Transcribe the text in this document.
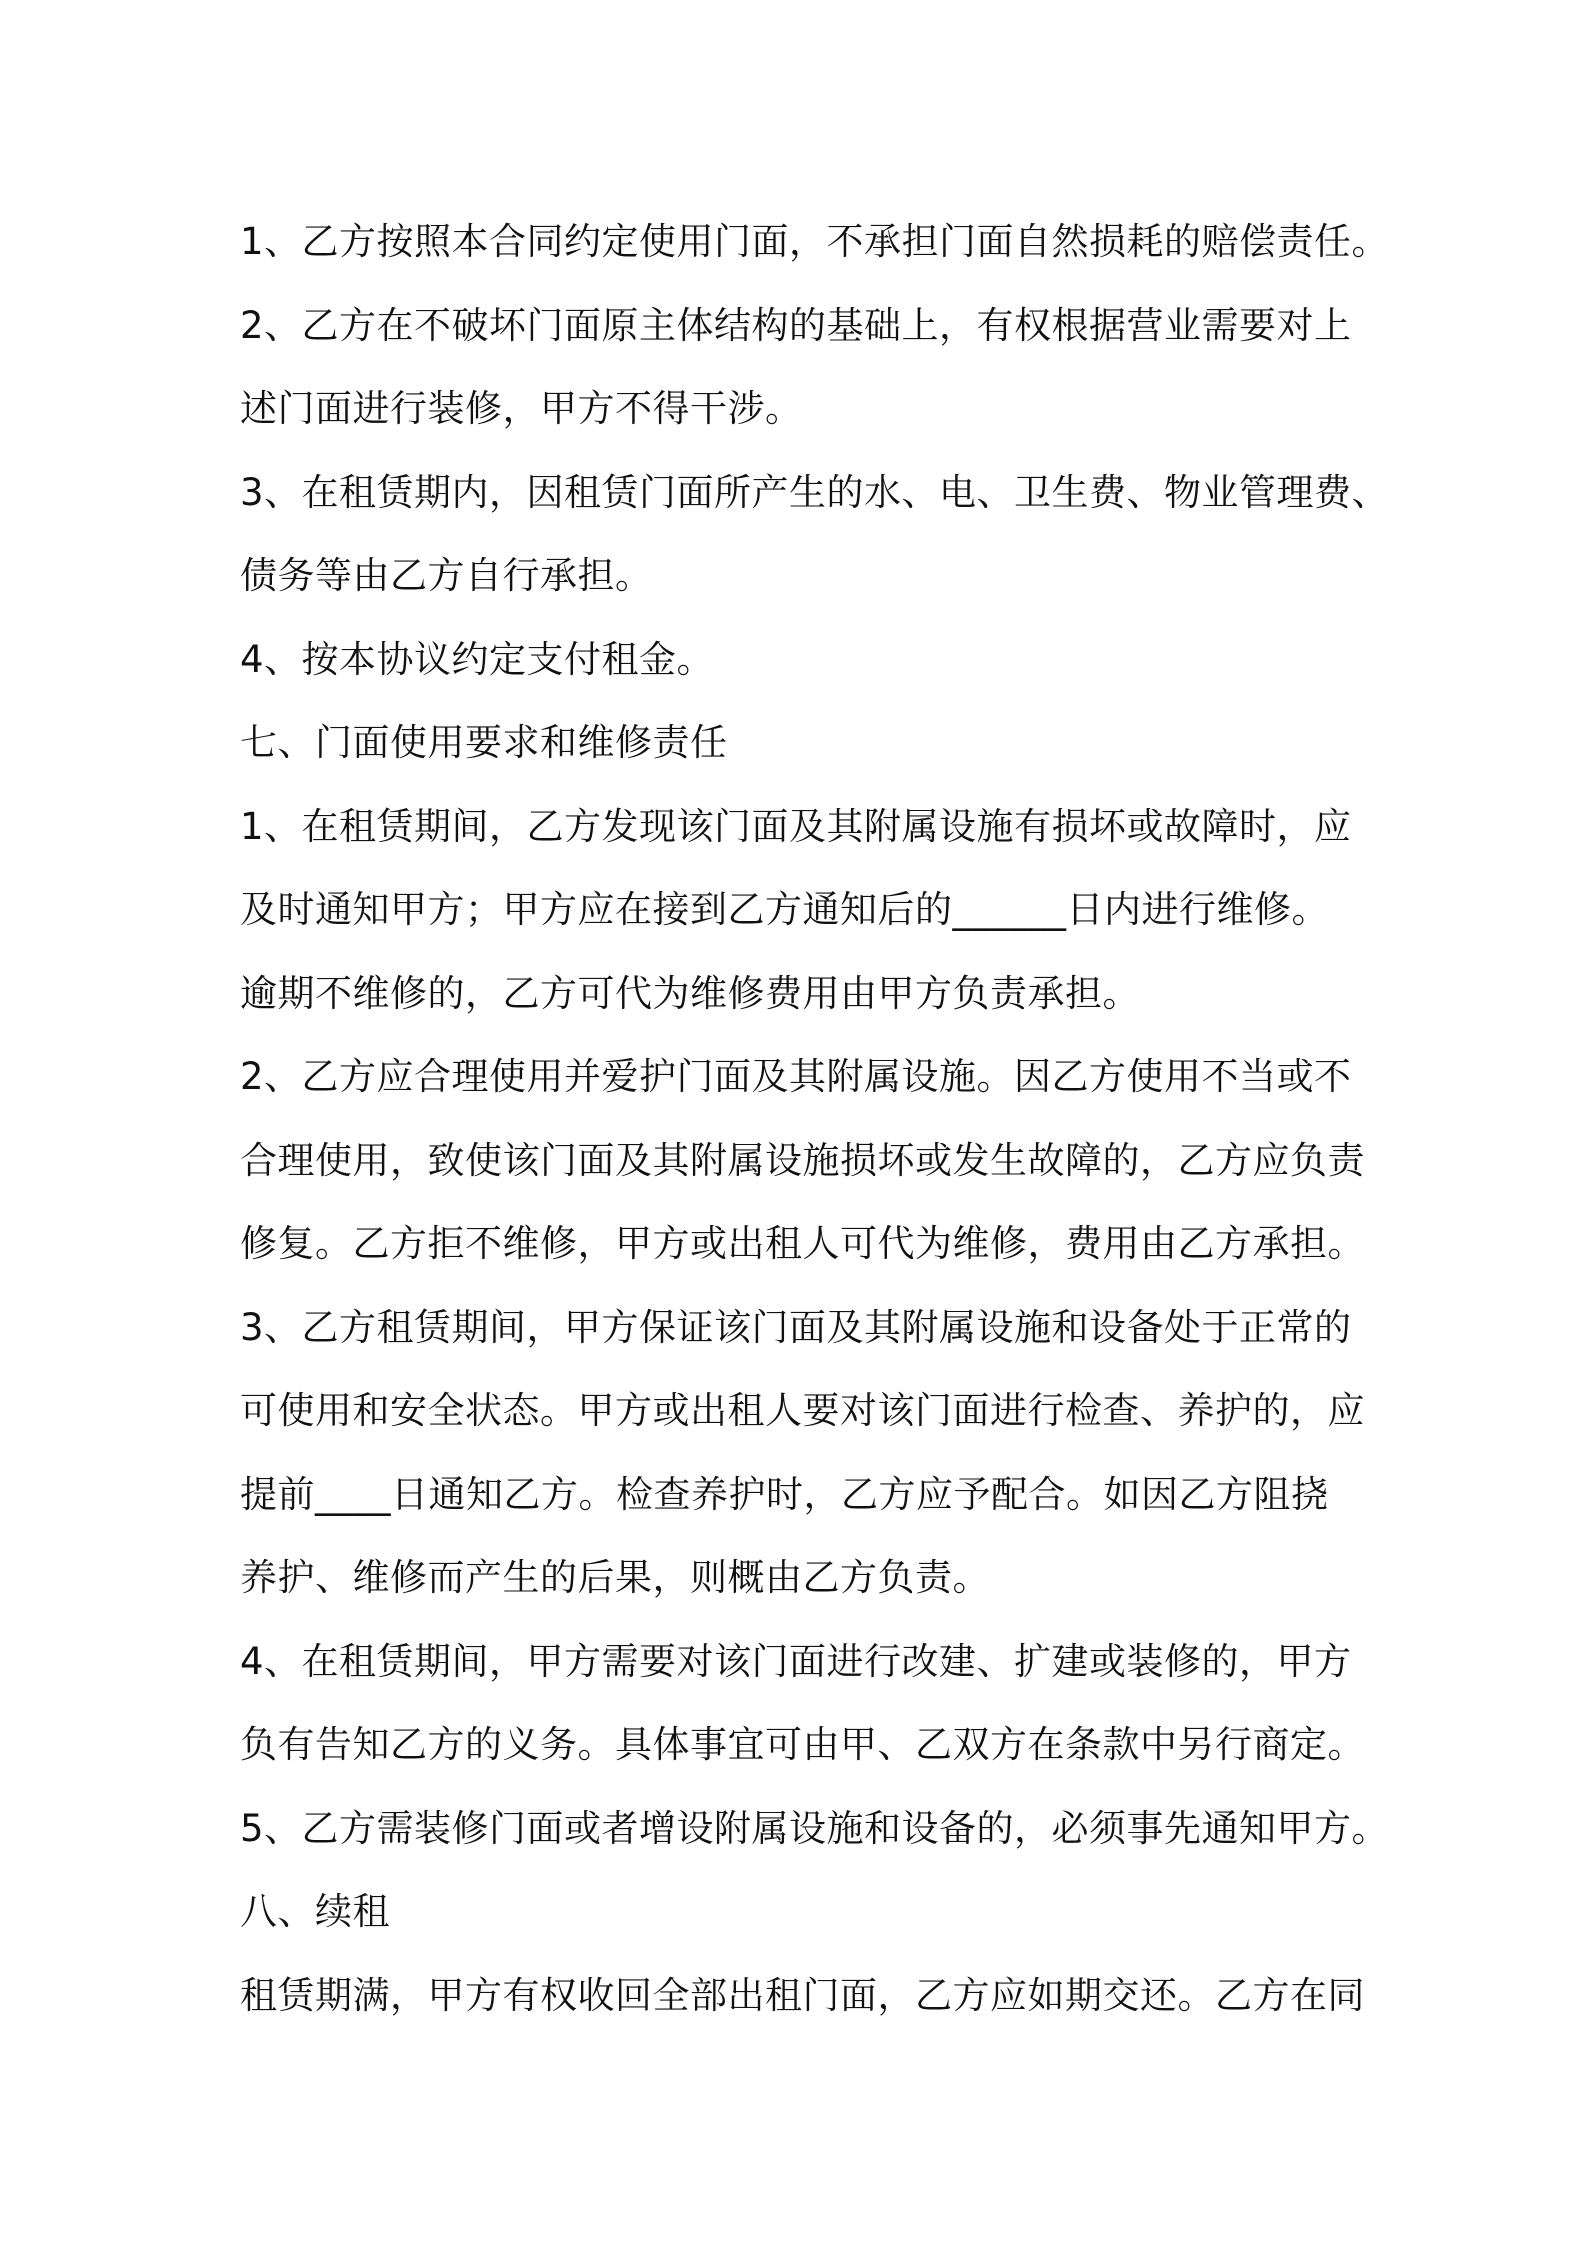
1、乙方按照本合同约定使用门面，不承担门面自然损耗的赔偿责任。
2、乙方在不破坏门面原主体结构的基础上，有权根据营业需要对上
述门面进行装修，甲方不得干涉。
3、在租赁期内，因租赁门面所产生的水、电、卫生费、物业管理费、
债务等由乙方自行承担。
4、按本协议约定支付租金。
七、门面使用要求和维修责任
1、在租赁期间，乙方发现该门面及其附属设施有损坏或故障时，应
及时通知甲方；甲方应在接到乙方通知后的______日内进行维修。
逾期不维修的，乙方可代为维修费用由甲方负责承担。
2、乙方应合理使用并爱护门面及其附属设施。因乙方使用不当或不
合理使用，致使该门面及其附属设施损坏或发生故障的，乙方应负责
修复。乙方拒不维修，甲方或出租人可代为维修，费用由乙方承担。
3、乙方租赁期间，甲方保证该门面及其附属设施和设备处于正常的
可使用和安全状态。甲方或出租人要对该门面进行检查、养护的，应
提前____日通知乙方。检查养护时，乙方应予配合。如因乙方阻挠
养护、维修而产生的后果，则概由乙方负责。
4、在租赁期间，甲方需要对该门面进行改建、扩建或装修的，甲方
负有告知乙方的义务。具体事宜可由甲、乙双方在条款中另行商定。
5、乙方需装修门面或者增设附属设施和设备的，必须事先通知甲方。
八、续租
租赁期满，甲方有权收回全部出租门面，乙方应如期交还。乙方在同
